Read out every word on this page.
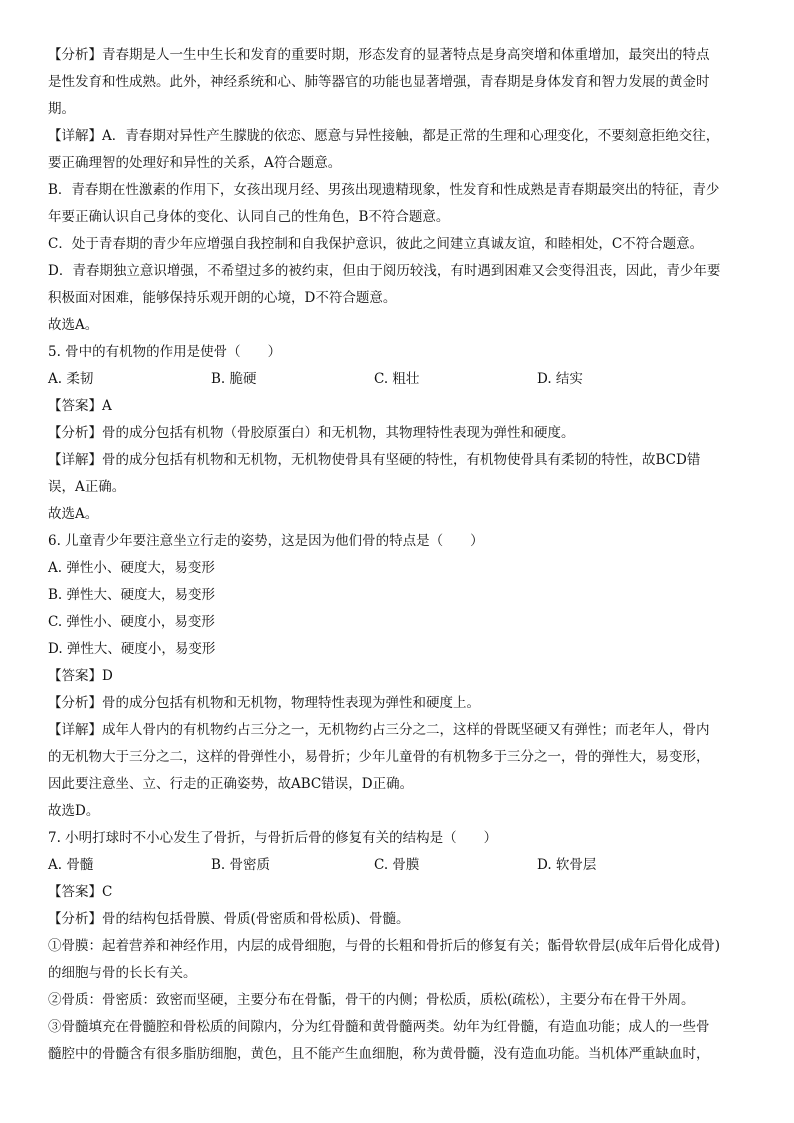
【分析】青春期是人一生中生长和发育的重要时期，形态发育的显著特点是身高突增和体重增加，最突出的特点

是性发育和性成熟。此外，神经系统和心、肺等器官的功能也显著增强，青春期是身体发育和智力发展的黄金时

期。

【详解】A．青春期对异性产生朦胧的依恋、愿意与异性接触，都是正常的生理和心理变化，不要刻意拒绝交往，

要正确理智的处理好和异性的关系，A符合题意。

B．青春期在性激素的作用下，女孩出现月经、男孩出现遗精现象，性发育和性成熟是青春期最突出的特征，青少

年要正确认识自己身体的变化、认同自己的性角色，B不符合题意。

C．处于青春期的青少年应增强自我控制和自我保护意识，彼此之间建立真诚友谊，和睦相处，C不符合题意。

D．青春期独立意识增强，不希望过多的被约束，但由于阅历较浅，有时遇到困难又会变得沮丧，因此，青少年要

积极面对困难，能够保持乐观开朗的心境，D不符合题意。

故选A。

5. 骨中的有机物的作用是使骨（　　）

A. 柔韧	B. 脆硬	C. 粗壮	D. 结实

【答案】A

【分析】骨的成分包括有机物（骨胶原蛋白）和无机物，其物理特性表现为弹性和硬度。

【详解】骨的成分包括有机物和无机物，无机物使骨具有坚硬的特性，有机物使骨具有柔韧的特性，故BCD错

误，A正确。

故选A。

6. 儿童青少年要注意坐立行走的姿势，这是因为他们骨的特点是（　　）

A. 弹性小、硬度大，易变形

B. 弹性大、硬度大，易变形

C. 弹性小、硬度小，易变形

D. 弹性大、硬度小，易变形

【答案】D

【分析】骨的成分包括有机物和无机物，物理特性表现为弹性和硬度上。

【详解】成年人骨内的有机物约占三分之一，无机物约占三分之二，这样的骨既坚硬又有弹性；而老年人，骨内

的无机物大于三分之二，这样的骨弹性小，易骨折；少年儿童骨的有机物多于三分之一，骨的弹性大，易变形，

因此要注意坐、立、行走的正确姿势，故ABC错误，D正确。

故选D。

7. 小明打球时不小心发生了骨折，与骨折后骨的修复有关的结构是（　　）

A. 骨髓	B. 骨密质	C. 骨膜	D. 软骨层

【答案】C

【分析】骨的结构包括骨膜、骨质(骨密质和骨松质)、骨髓。

①骨膜：起着营养和神经作用，内层的成骨细胞，与骨的长粗和骨折后的修复有关；骺骨软骨层(成年后骨化成骨)

的细胞与骨的长长有关。

②骨质：骨密质：致密而坚硬，主要分布在骨骺，骨干的内侧；骨松质，质松(疏松），主要分布在骨干外周。

③骨髓填充在骨髓腔和骨松质的间隙内，分为红骨髓和黄骨髓两类。幼年为红骨髓，有造血功能；成人的一些骨

髓腔中的骨髓含有很多脂肪细胞，黄色，且不能产生血细胞，称为黄骨髓，没有造血功能。当机体严重缺血时，
